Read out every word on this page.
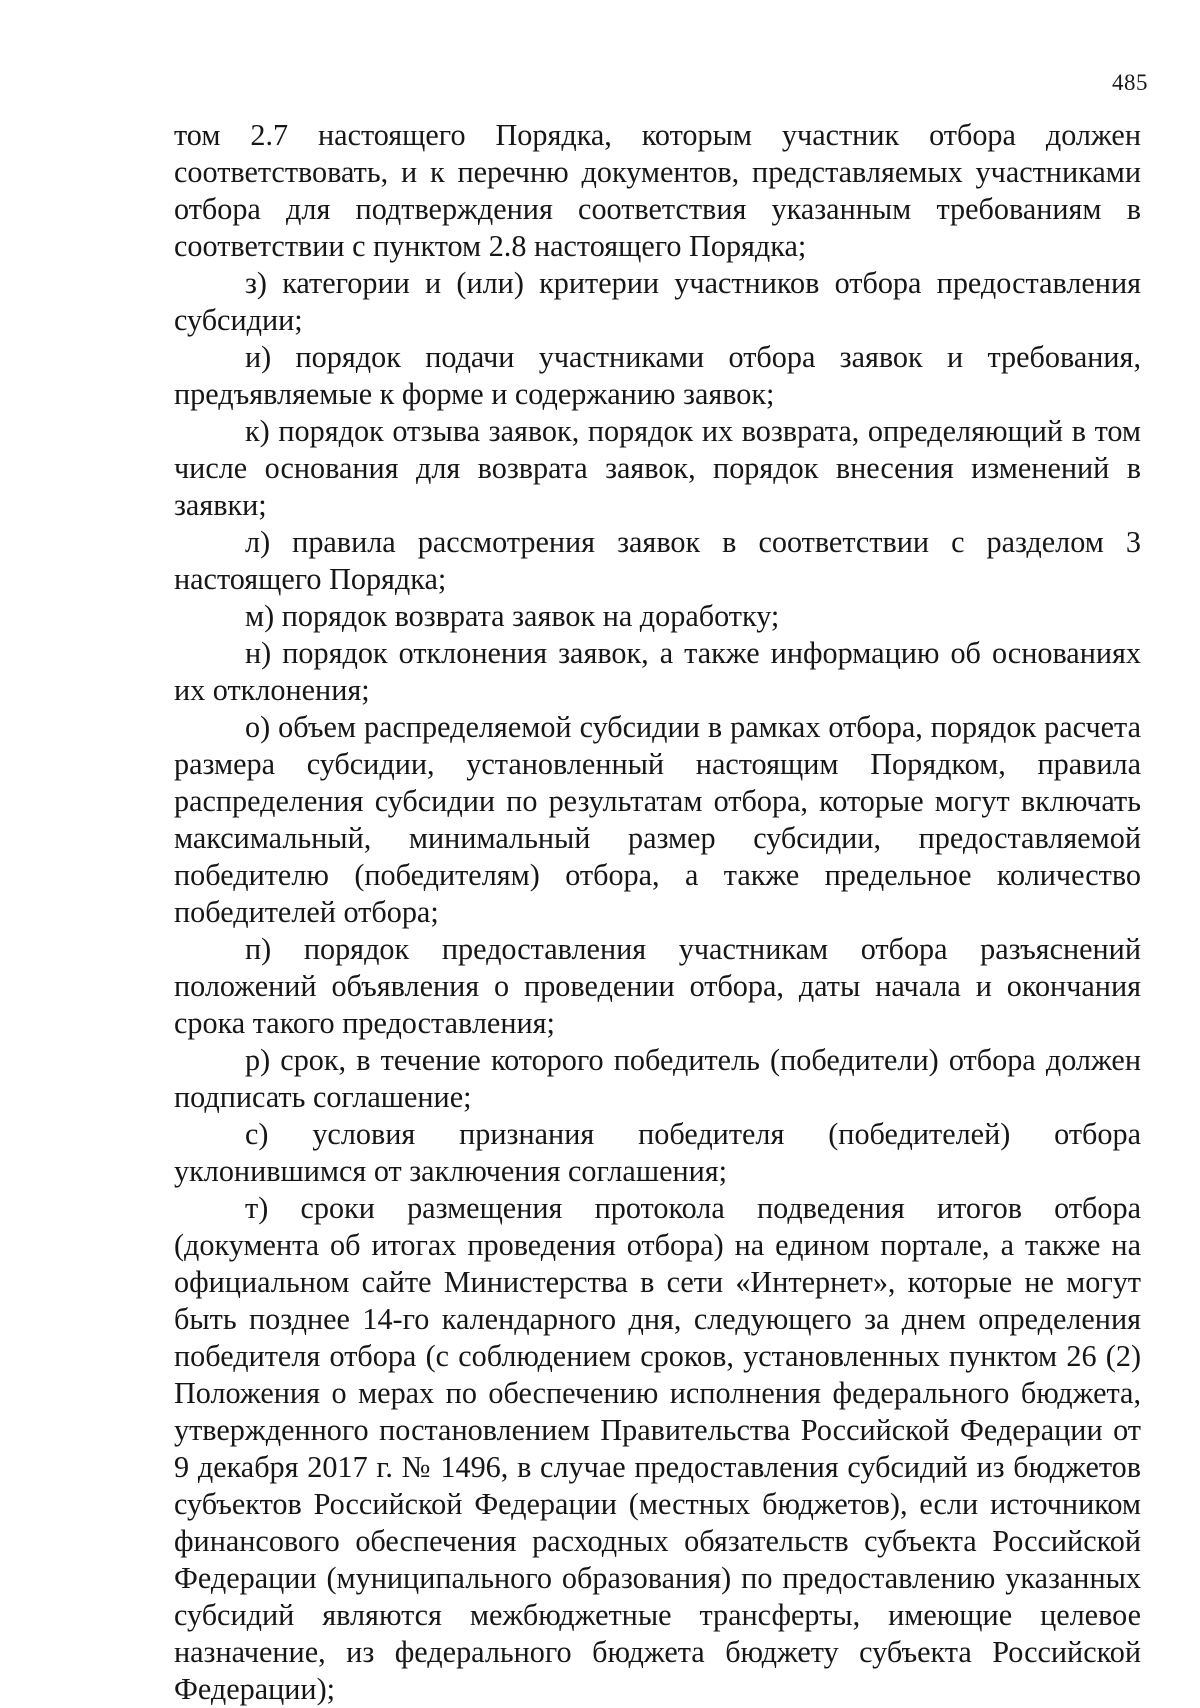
485

том 2.7 настоящего Порядка, которым участник отбора должен соответствовать, и к перечню документов, представляемых участниками отбора для подтверждения соответствия указанным требованиям в соответствии с пунктом 2.8 настоящего Порядка;

з) категории и (или) критерии участников отбора предоставления субсидии;

и) порядок подачи участниками отбора заявок и требования, предъявляемые к форме и содержанию заявок;

к) порядок отзыва заявок, порядок их возврата, определяющий в том числе основания для возврата заявок, порядок внесения изменений в заявки;

л) правила рассмотрения заявок в соответствии с разделом 3 настоящего Порядка;

м) порядок возврата заявок на доработку;

н) порядок отклонения заявок, а также информацию об основаниях их отклонения;

о) объем распределяемой субсидии в рамках отбора, порядок расчета размера субсидии, установленный настоящим Порядком, правила распределения субсидии по результатам отбора, которые могут включать максимальный, минимальный размер субсидии, предоставляемой победителю (победителям) отбора, а также предельное количество победителей отбора;

п) порядок предоставления участникам отбора разъяснений положений объявления о проведении отбора, даты начала и окончания срока такого предоставления;

р) срок, в течение которого победитель (победители) отбора должен подписать соглашение;

с) условия признания победителя (победителей) отбора уклонившимся от заключения соглашения;

т) сроки размещения протокола подведения итогов отбора (документа об итогах проведения отбора) на едином портале, а также на официальном сайте Министерства в сети «Интернет», которые не могут быть позднее 14-го календарного дня, следующего за днем определения победителя отбора (с соблюдением сроков, установленных пунктом 26 (2) Положения о мерах по обеспечению исполнения федерального бюджета, утвержденного постановлением Правительства Российской Федерации от 9 декабря 2017 г. № 1496, в случае предоставления субсидий из бюджетов субъектов Российской Федерации (местных бюджетов), если источником финансового обеспечения расходных обязательств субъекта Российской Федерации (муниципального образования) по предоставлению указанных субсидий являются межбюджетные трансферты, имеющие целевое назначение, из федерального бюджета бюджету субъекта Российской Федерации);
